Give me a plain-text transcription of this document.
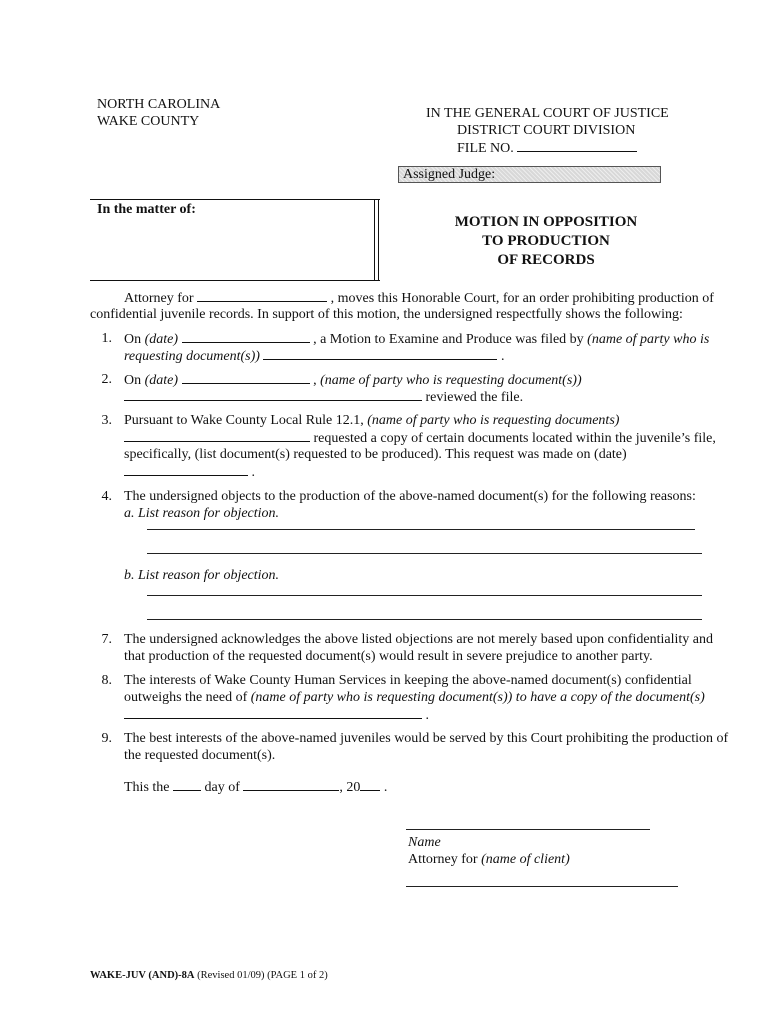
NORTH CAROLINA
WAKE COUNTY
IN THE GENERAL COURT OF JUSTICE
DISTRICT COURT DIVISION
FILE NO.
Assigned Judge:
In the matter of:
MOTION IN OPPOSITION
TO PRODUCTION
OF RECORDS
Attorney for	, moves this Honorable Court, for an order prohibiting production of
confidential juvenile records. In support of this motion, the undersigned respectfully shows the following:
1. On (date)	, a Motion to Examine and Produce was filed by (name of party who is
requesting document(s))	.
2. On (date)	, (name of party who is requesting document(s))
reviewed the file.
3. Pursuant to Wake County Local Rule 12.1, (name of party who is requesting documents)
requested a copy of certain documents located within the juvenile’s file,
specifically, (list document(s) requested to be produced). This request was made on (date)
.
4. The undersigned objects to the production of the above-named document(s) for the following reasons:
a. List reason for objection.
b. List reason for objection.
7. The undersigned acknowledges the above listed objections are not merely based upon confidentiality and
that production of the requested document(s) would result in severe prejudice to another party.
8. The interests of Wake County Human Services in keeping the above-named document(s) confidential
outweighs the need of (name of party who is requesting document(s)) to have a copy of the document(s)
.
9. The best interests of the above-named juveniles would be served by this Court prohibiting the production of
the requested document(s).
This the	day of	, 20 .
Name
Attorney for (name of client)
WAKE-JUV (AND)-8A (Revised 01/09) (PAGE 1 of 2)
